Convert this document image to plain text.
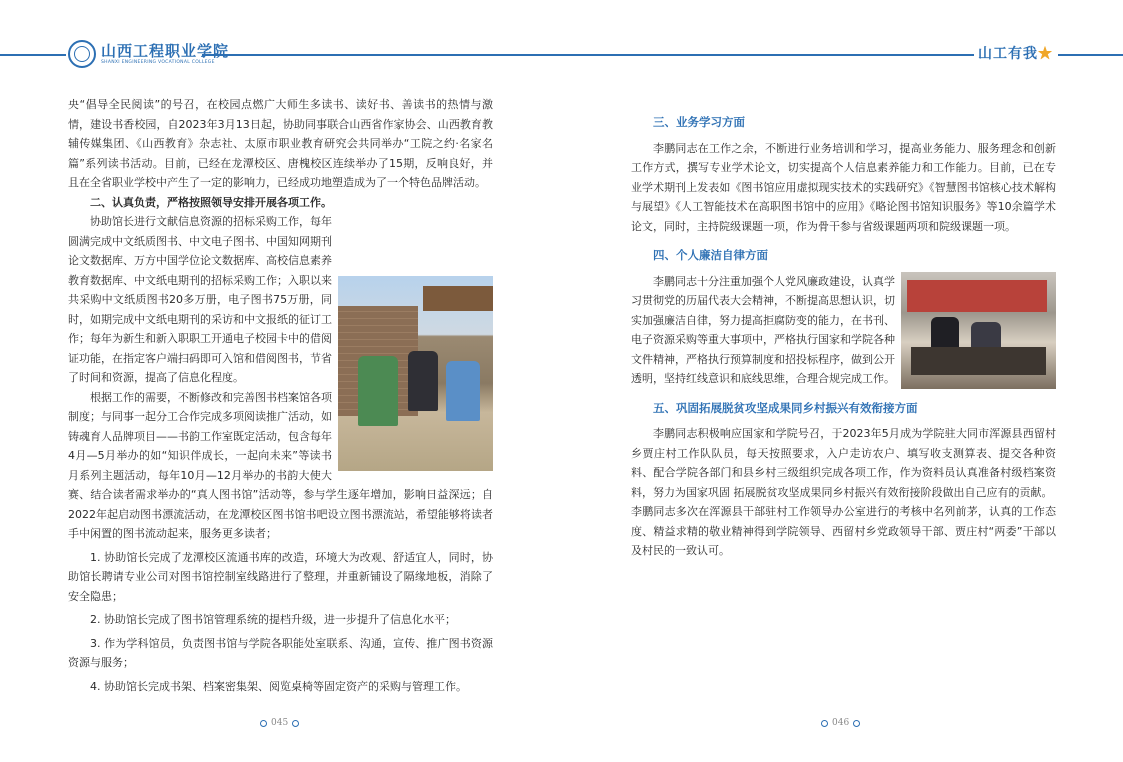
山西工程职业学院
SHANXI ENGINEERING VOCATIONAL COLLEGE	山工有我★

央“倡导全民阅读”的号召，在校园点燃广大师生多读书、读好书、善读书的热情与激情，建设书香校园，自2023年3月13日起，协助同事联合山西省作家协会、山西教育教辅传媒集团、《山西教育》杂志社、太原市职业教育研究会共同举办“工院之约·名家名篇”系列读书活动。目前，已经在龙潭校区、唐槐校区连续举办了15期，反响良好，并且在全省职业学校中产生了一定的影响力，已经成功地塑造成为了一个特色品牌活动。

二、认真负责，严格按照领导安排开展各项工作。

协助馆长进行文献信息资源的招标采购工作，每年圆满完成中文纸质图书、中文电子图书、中国知网期刊论文数据库、万方中国学位论文数据库、高校信息素养教育数据库、中文纸电期刊的招标采购工作；入职以来共采购中文纸质图书20多万册，电子图书75万册，同时，如期完成中文纸电期刊的采访和中文报纸的征订工作；每年为新生和新入职职工开通电子校园卡中的借阅证功能，在指定客户端扫码即可入馆和借阅图书，节省了时间和资源，提高了信息化程度。

根据工作的需要，不断修改和完善图书档案馆各项制度；与同事一起分工合作完成多项阅读推广活动，如铸魂育人品牌项目——书韵工作室既定活动，包含每年4月—5月举办的如“知识伴成长，一起向未来”等读书月系列主题活动，每年10月—12月举办的书韵大使大赛、结合读者需求举办的“真人图书馆”活动等，参与学生逐年增加，影响日益深远；自2022年起启动图书漂流活动，在龙潭校区图书馆书吧设立图书漂流站，希望能够将读者手中闲置的图书流动起来，服务更多读者；

1. 协助馆长完成了龙潭校区流通书库的改造，环境大为改观、舒适宜人，同时，协助馆长聘请专业公司对图书馆控制室线路进行了整理，并重新铺设了隔缘地板，消除了安全隐患；

2. 协助馆长完成了图书馆管理系统的提档升级，进一步提升了信息化水平；

3. 作为学科馆员，负责图书馆与学院各职能处室联系、沟通，宣传、推广图书资源资源与服务；

4. 协助馆长完成书架、档案密集架、阅览桌椅等固定资产的采购与管理工作。

三、业务学习方面

李鹏同志在工作之余，不断进行业务培训和学习，提高业务能力、服务理念和创新工作方式，撰写专业学术论文，切实提高个人信息素养能力和工作能力。目前，已在专业学术期刊上发表如《图书馆应用虚拟现实技术的实践研究》《智慧图书馆核心技术解构与展望》《人工智能技术在高职图书馆中的应用》《略论图书馆知识服务》等10余篇学术论文，同时，主持院级课题一项，作为骨干参与省级课题两项和院级课题一项。

四、个人廉洁自律方面

李鹏同志十分注重加强个人党风廉政建设，认真学习贯彻党的历届代表大会精神，不断提高思想认识，切实加强廉洁自律，努力提高拒腐防变的能力，在书刊、电子资源采购等重大事项中，严格执行国家和学院各种文件精神，严格执行预算制度和招投标程序，做到公开透明，坚持红线意识和底线思维，合理合规完成工作。

五、巩固拓展脱贫攻坚成果同乡村振兴有效衔接方面

李鹏同志积极响应国家和学院号召，于2023年5月成为学院驻大同市浑源县西留村乡贾庄村工作队队员，每天按照要求，入户走访农户、填写收支测算表、提交各种资料、配合学院各部门和县乡村三级组织完成各项工作，作为资料员认真准备村级档案资料，努力为国家巩固 拓展脱贫攻坚成果同乡村振兴有效衔接阶段做出自己应有的贡献。

李鹏同志多次在浑源县干部驻村工作领导办公室进行的考核中名列前茅，认真的工作态度、精益求精的敬业精神得到学院领导、西留村乡党政领导干部、贾庄村“两委”干部以及村民的一致认可。

045	046
